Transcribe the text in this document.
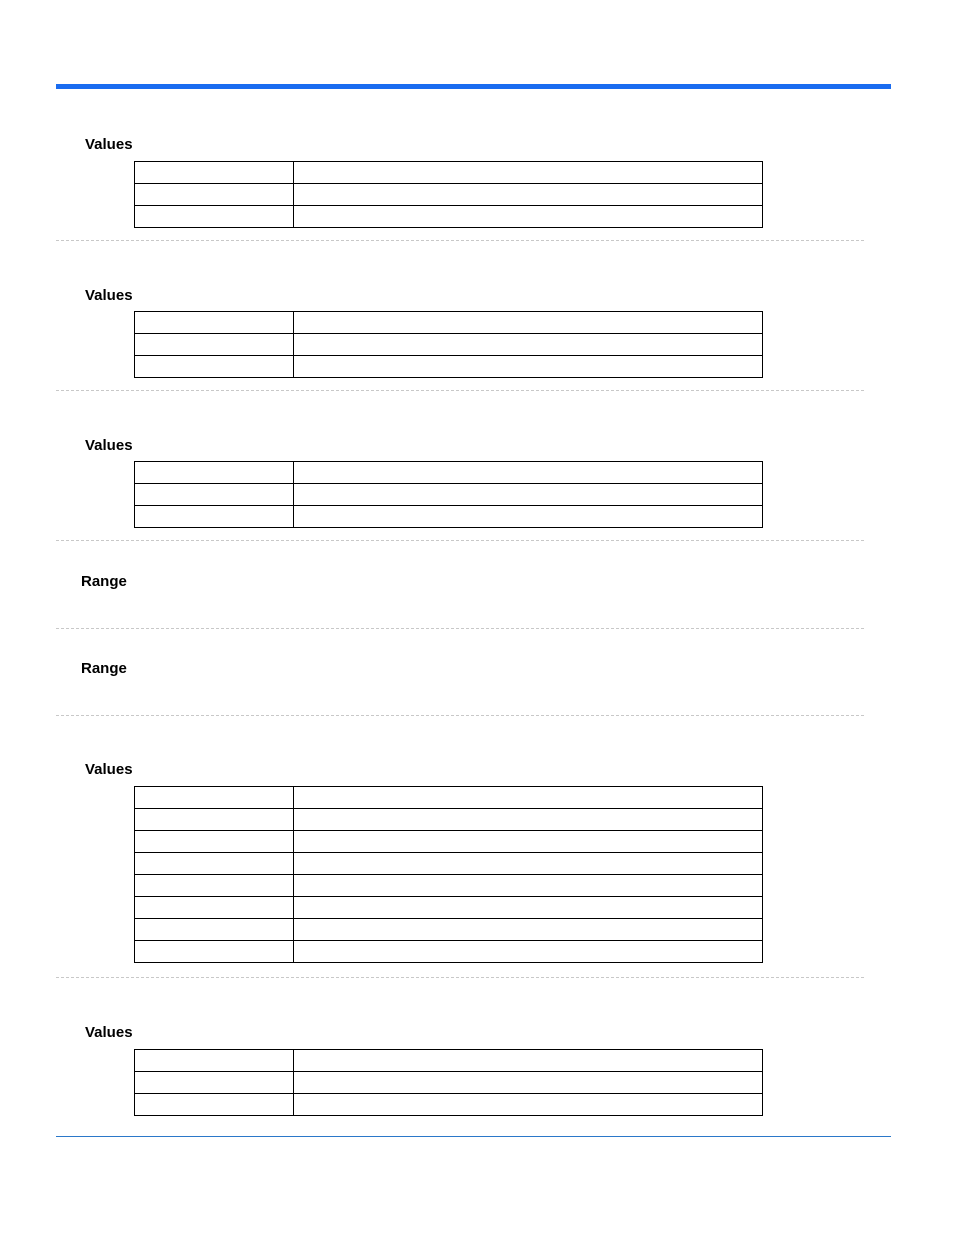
Values

Values

Values

Range
Range
Values

Values
